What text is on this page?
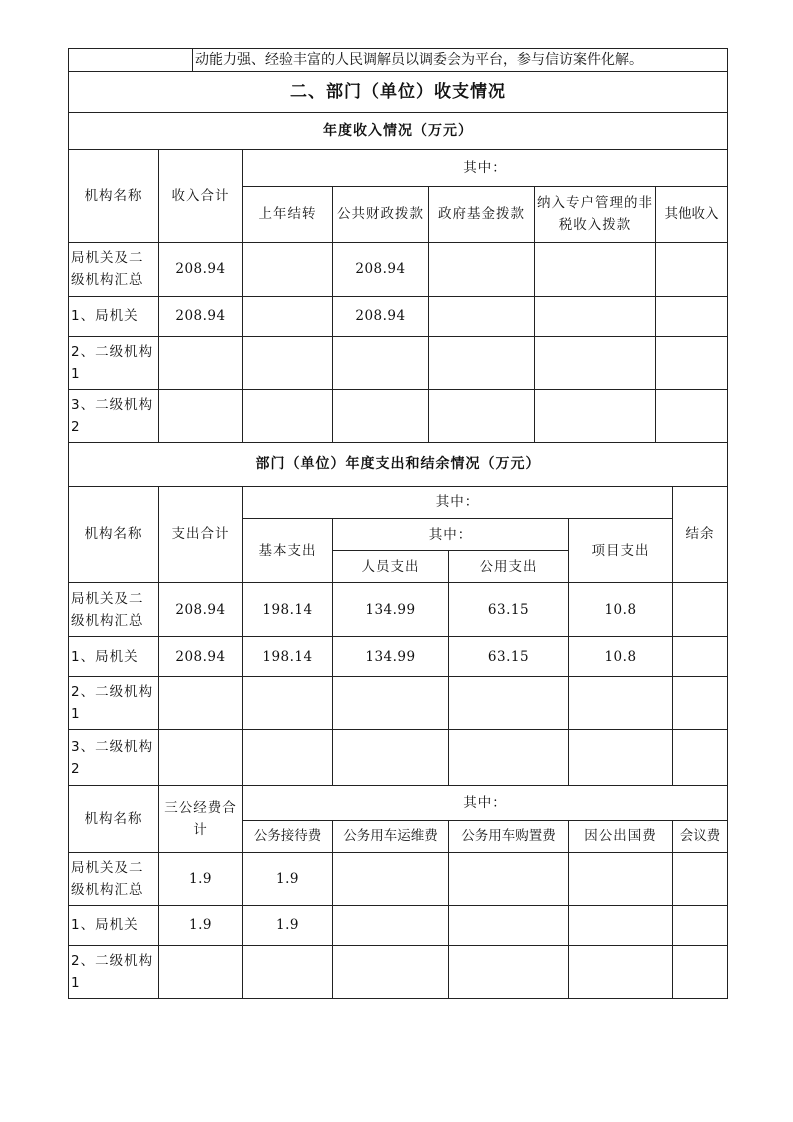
	动能力强、经验丰富的人民调解员以调委会为平台，参与信访案件化解。
二、部门（单位）收支情况
年度收入情况（万元）
机构名称	收入合计	其中：				
		上年结转	公共财政拨款	政府基金拨款	纳入专户管理的非税收入拨款	其他收入
局机关及二级机构汇总	208.94		208.94			
1、局机关	208.94		208.94			
2、二级机构1						
3、二级机构2						
部门（单位）年度支出和结余情况（万元）						
机构名称	支出合计	其中：				结余
		基本支出	其中：		项目支出	
			人员支出	公用支出		
局机关及二级机构汇总	208.94	198.14	134.99	63.15	10.8	
1、局机关	208.94	198.14	134.99	63.15	10.8	
2、二级机构1						
3、二级机构2						
机构名称	三公经费合计	其中：				
		公务接待费	公务用车运维费	公务用车购置费	因公出国费	会议费
局机关及二级机构汇总	1.9	1.9				
1、局机关	1.9	1.9				
2、二级机构1						
